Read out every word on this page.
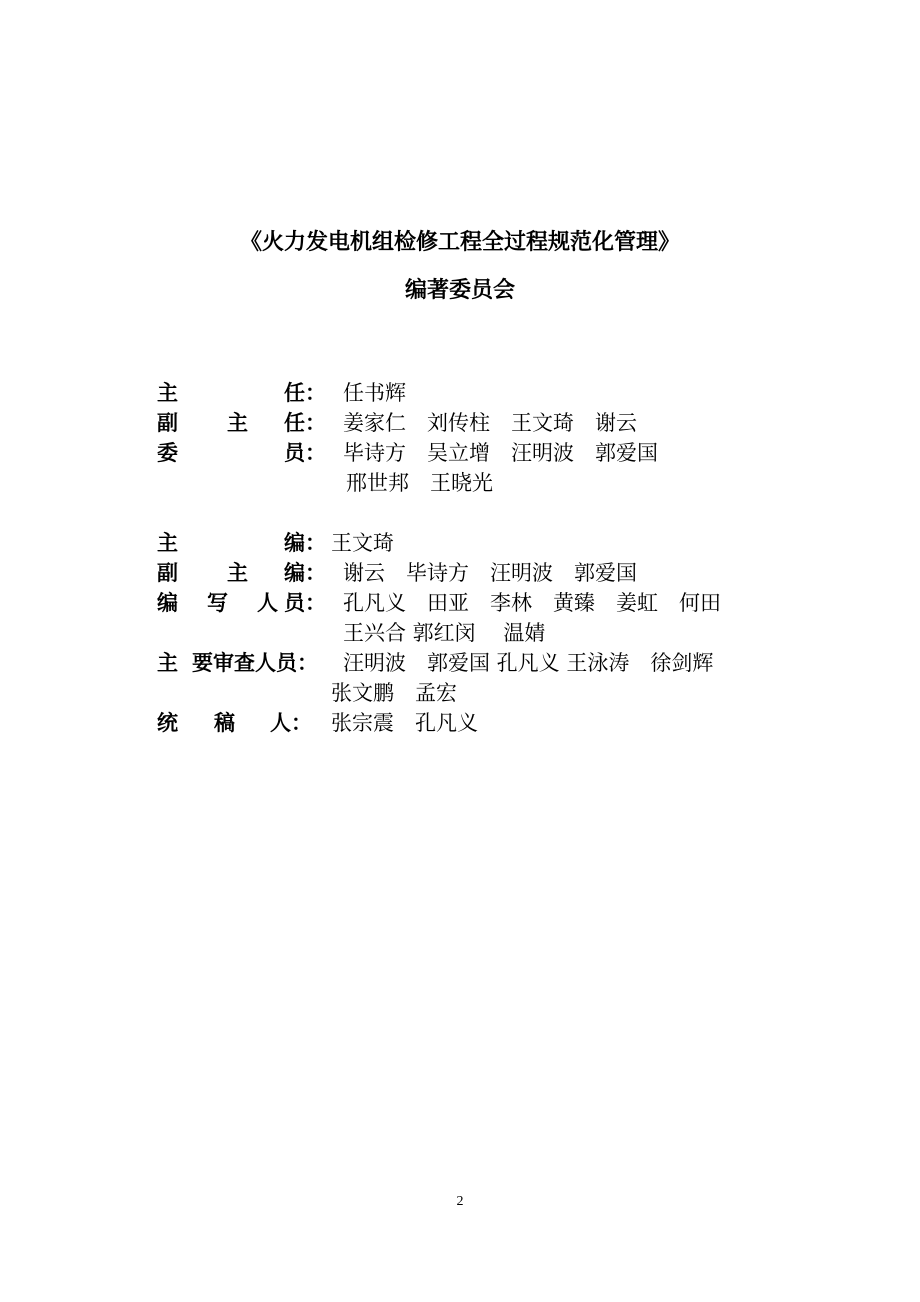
《火力发电机组检修工程全过程规范化管理》
编著委员会
主	任： 任书辉
副 主 任： 姜家仁　刘传柱　王文琦　谢云
委	员： 毕诗方　吴立增　汪明波　郭爱国
邢世邦　王晓光
主	编： 王文琦
副 主 编： 谢云　毕诗方　汪明波　郭爱国
编 写 人 员： 孔凡义　田亚　李林　黄臻　姜虹　何田
王兴合 郭红闵　 温婧
主 要审查人员： 汪明波　郭爱国 孔凡义 王泳涛　徐剑辉
张文鹏　孟宏
统 稿 人： 张宗震　孔凡义
2
